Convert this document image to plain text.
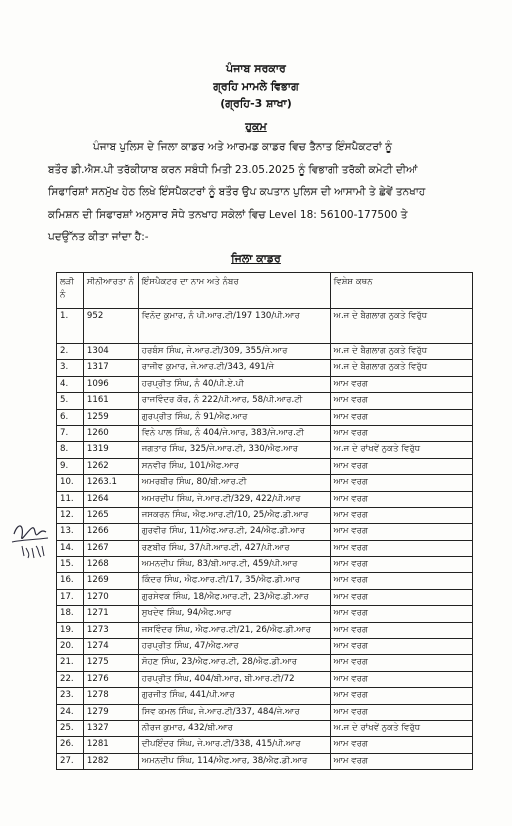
ਪੰਜਾਬ ਸਰਕਾਰ
ਗ੍ਰਹਿ ਮਾਮਲੇ ਵਿਭਾਗ
(ਗ੍ਰਹਿ-3 ਸ਼ਾਖਾ)
ਹੁਕਮ
ਪੰਜਾਬ ਪੁਲਿਸ ਦੇ ਜਿਲਾ ਕਾਡਰ ਅਤੇ ਆਰਮਡ ਕਾਡਰ ਵਿਚ ਤੈਨਾਤ ਇੰਸਪੈਕਟਰਾਂ ਨੂੰ
ਬਤੌਰ ਡੀ.ਐਸ.ਪੀ ਤਰੱਕੀਯਾਬ ਕਰਨ ਸਬੰਧੀ ਮਿਤੀ 23.05.2025 ਨੂੰ ਵਿਭਾਗੀ ਤਰੱਕੀ ਕਮੇਟੀ ਦੀਆਂ
ਸਿਫਾਰਿਸ਼ਾਂ ਸਨਮੁੱਖ ਹੇਠ ਲਿਖੇ ਇੰਸਪੈਕਟਰਾਂ ਨੂੰ ਬਤੌਰ ਉਪ ਕਪਤਾਨ ਪੁਲਿਸ ਦੀ ਆਸਾਮੀ ਤੇ ਛੇਵੇਂ ਤਨਖਾਹ
ਕਮਿਸ਼ਨ ਦੀ ਸਿਫਾਰਸ਼ਾਂ ਅਨੁਸਾਰ ਸੋਧੇ ਤਨਖਾਹ ਸਕੇਲਾਂ ਵਿਚ Level 18: 56100-177500 ਤੇ
ਪਦਉੱਨਤ ਕੀਤਾ ਜਾਂਦਾ ਹੈ:-
ਜਿਲਾ ਕਾਡਰ
ਲੜੀ ਨੰ	ਸੀਨੀਆਰਤਾ ਨੰ	ਇੰਸਪੈਕਟਰ ਦਾ ਨਾਮ ਅਤੇ ਨੰਬਰ	ਵਿਸ਼ੇਸ਼ ਕਥਨ
1.	952	ਵਿਨੋਦ ਕੁਮਾਰ, ਨੰ ਪੀ.ਆਰ.ਟੀ/197 130/ਪੀ.ਆਰ	ਅ.ਜ ਦੇ ਬੈਗਲਾਗ ਨੁਕਤੇ ਵਿਰੁੱਧ
2.	1304	ਹਰਬੰਸ ਸਿੰਘ, ਜੇ.ਆਰ.ਟੀ/309, 355/ਜੇ.ਆਰ	ਅ.ਜ ਦੇ ਬੈਗਲਾਗ ਨੁਕਤੇ ਵਿਰੁੱਧ
3.	1317	ਰਾਜੀਵ ਕੁਮਾਰ, ਜੇ.ਆਰ.ਟੀ/343, 491/ਜੇ	ਅ.ਜ ਦੇ ਬੈਗਲਾਗ ਨੁਕਤੇ ਵਿਰੁੱਧ
4.	1096	ਹਰਪ੍ਰੀਤ ਸਿੰਘ, ਨੰ 40/ਪੀ.ਏ.ਪੀ	ਆਮ ਵਰਗ
5.	1161	ਰਾਜਵਿੰਦਰ ਕੌਰ, ਨੰ 222/ਪੀ.ਆਰ, 58/ਪੀ.ਆਰ.ਟੀ	ਆਮ ਵਰਗ
6.	1259	ਗੁਰਪ੍ਰੀਤ ਸਿੰਘ, ਨੰ 91/ਐਫ.ਆਰ	ਆਮ ਵਰਗ
7.	1260	ਵਿਨੇ ਪਾਲ ਸਿੰਘ, ਨੰ 404/ਜੇ.ਆਰ, 383/ਜੇ.ਆਰ.ਟੀ	ਆਮ ਵਰਗ
8.	1319	ਜਗਤਾਰ ਸਿੰਘ, 325/ਜੇ.ਆਰ.ਟੀ, 330/ਐਫ.ਆਰ	ਅ.ਜ ਦੇ ਰਾਂਖਵੇਂ ਨੁਕਤੇ ਵਿਰੁੱਧ
9.	1262	ਸਨਵੀਰ ਸਿੰਘ, 101/ਐਫ.ਆਰ	ਆਮ ਵਰਗ
10.	1263.1	ਅਮਰਬੀਰ ਸਿੰਘ, 80/ਬੀ.ਆਰ.ਟੀ	ਆਮ ਵਰਗ
11.	1264	ਅਮਰਦੀਪ ਸਿੰਘ, ਜੇ.ਆਰ.ਟੀ/329, 422/ਪੀ.ਆਰ	ਆਮ ਵਰਗ
12.	1265	ਜਸਕਰਨ ਸਿੰਘ, ਐਫ.ਆਰ.ਟੀ/10, 25/ਐਫ.ਡੀ.ਆਰ	ਆਮ ਵਰਗ
13.	1266	ਗੁਰਵੀਰ ਸਿੰਘ, 11/ਐਫ.ਆਰ.ਟੀ, 24/ਐਫ.ਡੀ.ਆਰ	ਆਮ ਵਰਗ
14.	1267	ਰਣਬੀਰ ਸਿੰਘ, 37/ਪੀ.ਆਰ.ਟੀ, 427/ਪੀ.ਆਰ	ਆਮ ਵਰਗ
15.	1268	ਅਮਨਦੀਪ ਸਿੰਘ, 83/ਬੀ.ਆਰ.ਟੀ, 459/ਪੀ.ਆਰ	ਆਮ ਵਰਗ
16.	1269	ਕਿੰਦਰ ਸਿੰਘ, ਐਫ.ਆਰ.ਟੀ/17, 35/ਐਫ.ਡੀ.ਆਰ	ਆਮ ਵਰਗ
17.	1270	ਗੁਰਸੇਵਕ ਸਿੰਘ, 18/ਐਫ.ਆਰ.ਟੀ, 23/ਐਫ.ਡੀ.ਆਰ	ਆਮ ਵਰਗ
18.	1271	ਸੁਖਦੇਵ ਸਿੰਘ, 94/ਐਫ.ਆਰ	ਆਮ ਵਰਗ
19.	1273	ਜਸਵਿੰਦਰ ਸਿੰਘ, ਐਫ.ਆਰ.ਟੀ/21, 26/ਐਫ.ਡੀ.ਆਰ	ਆਮ ਵਰਗ
20.	1274	ਹਰਪ੍ਰੀਤ ਸਿੰਘ, 47/ਐਫ.ਆਰ	ਆਮ ਵਰਗ
21.	1275	ਸੋਹਣ ਸਿੰਘ, 23/ਐਫ.ਆਰ.ਟੀ, 28/ਐਫ.ਡੀ.ਆਰ	ਆਮ ਵਰਗ
22.	1276	ਹਰਪ੍ਰੀਤ ਸਿੰਘ, 404/ਬੀ.ਆਰ, ਬੀ.ਆਰ.ਟੀ/72	ਆਮ ਵਰਗ
23.	1278	ਗੁਰਜੀਤ ਸਿੰਘ, 441/ਪੀ.ਆਰ	ਆਮ ਵਰਗ
24.	1279	ਸਿਵ ਕਮਲ ਸਿੰਘ, ਜੇ.ਆਰ.ਟੀ/337, 484/ਜੇ.ਆਰ	ਆਮ ਵਰਗ
25.	1327	ਨੀਰਜ ਕੁਮਾਰ, 432/ਬੀ.ਆਰ	ਅ.ਜ ਦੇ ਰਾਂਖਵੇਂ ਨੁਕਤੇ ਵਿਰੁੱਧ
26.	1281	ਦੀਪਇੰਦਰ ਸਿੰਘ, ਜੇ.ਆਰ.ਟੀ/338, 415/ਪੀ.ਆਰ	ਆਮ ਵਰਗ
27.	1282	ਅਮਨਦੀਪ ਸਿੰਘ, 114/ਐਫ.ਆਰ, 38/ਐਫ.ਡੀ.ਆਰ	ਆਮ ਵਰਗ
